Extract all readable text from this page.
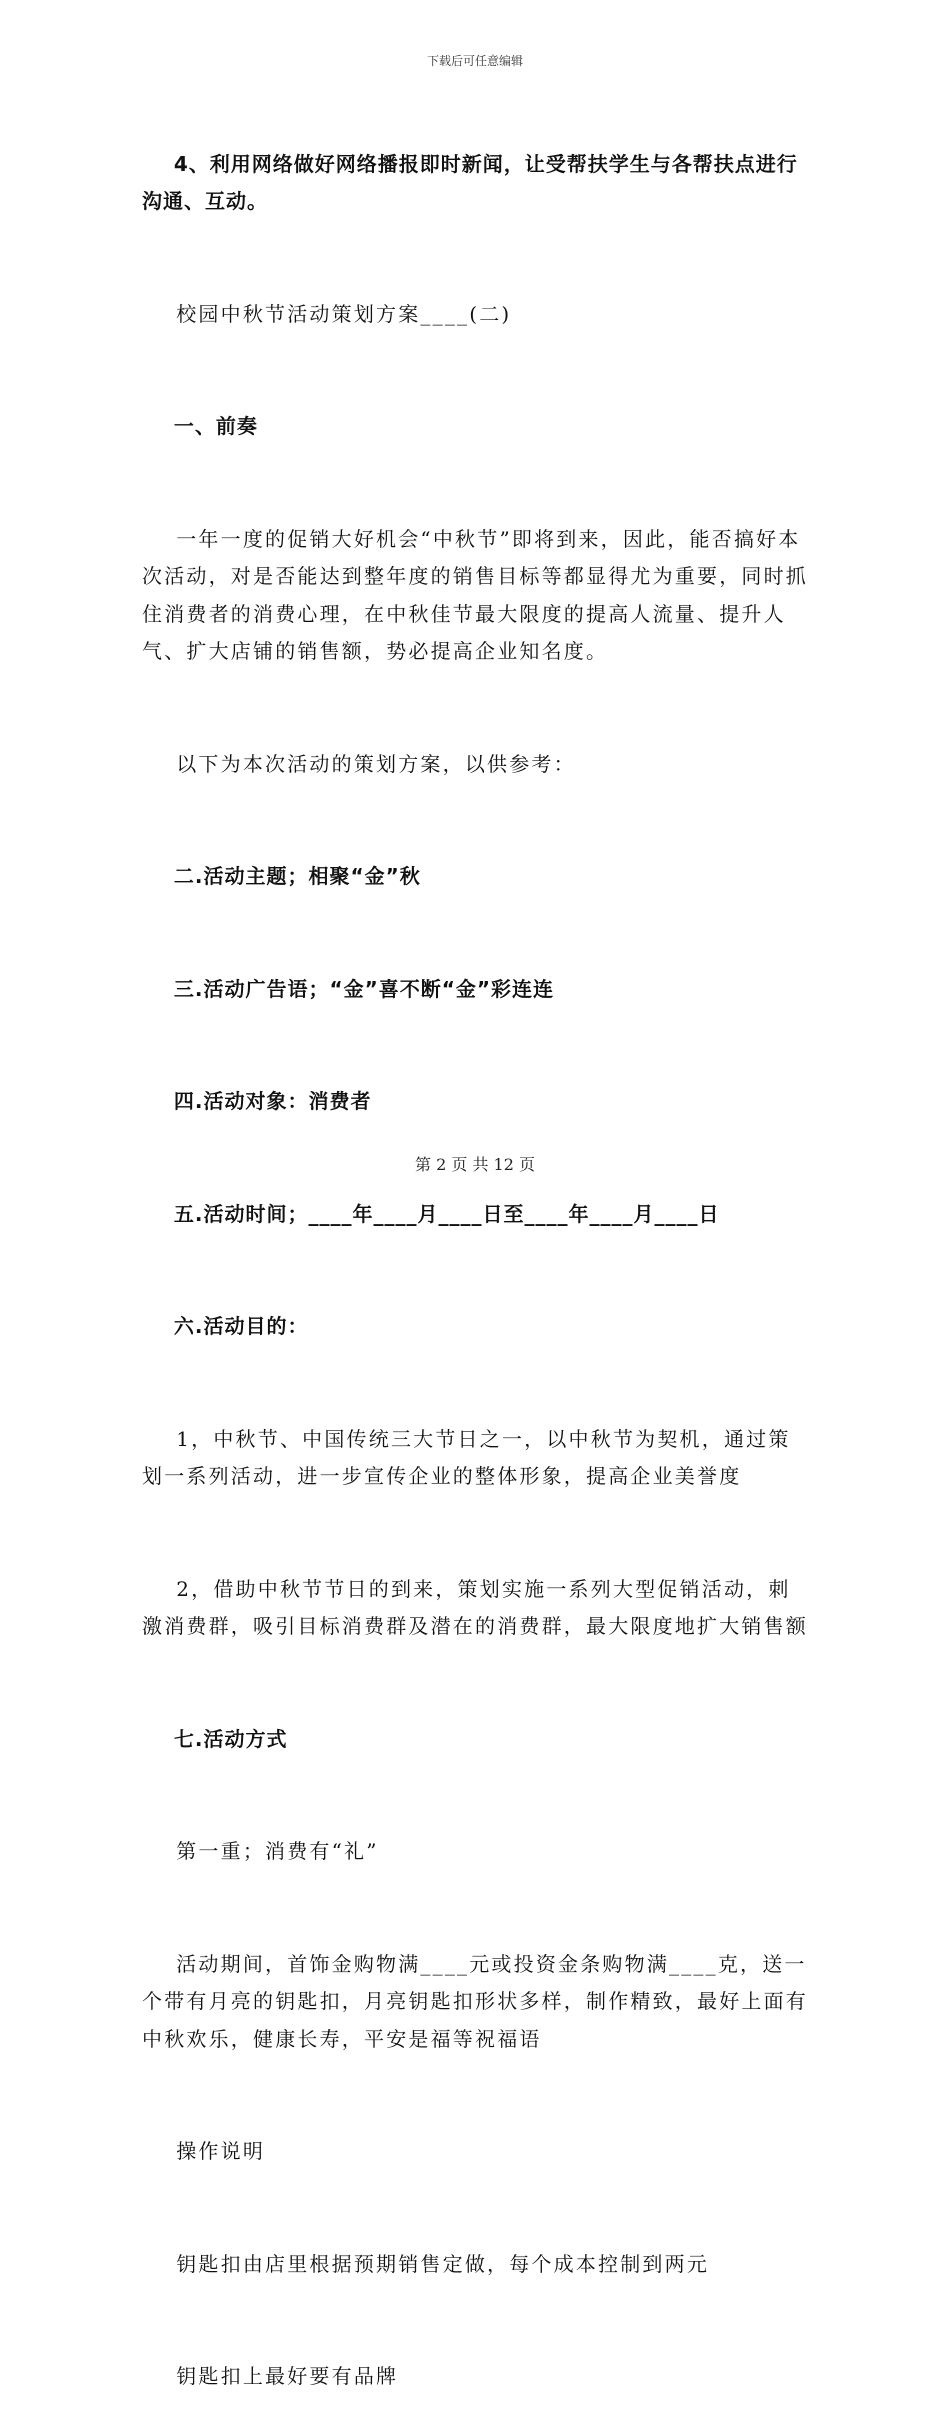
下载后可任意编辑

4、利用网络做好网络播报即时新闻，让受帮扶学生与各帮扶点进行沟通、互动。

校园中秋节活动策划方案____(二)

一、前奏

一年一度的促销大好机会“中秋节”即将到来，因此，能否搞好本次活动，对是否能达到整年度的销售目标等都显得尤为重要，同时抓住消费者的消费心理，在中秋佳节最大限度的提高人流量、提升人气、扩大店铺的销售额，势必提高企业知名度。

以下为本次活动的策划方案，以供参考：

二.活动主题；相聚“金”秋

三.活动广告语；“金”喜不断“金”彩连连

四.活动对象：消费者

五.活动时间；____年____月____日至____年____月____日

六.活动目的：

1，中秋节、中国传统三大节日之一，以中秋节为契机，通过策划一系列活动，进一步宣传企业的整体形象，提高企业美誉度

2，借助中秋节节日的到来，策划实施一系列大型促销活动，刺激消费群，吸引目标消费群及潜在的消费群，最大限度地扩大销售额

七.活动方式

第一重；消费有“礼”

活动期间，首饰金购物满____元或投资金条购物满____克，送一个带有月亮的钥匙扣，月亮钥匙扣形状多样，制作精致，最好上面有中秋欢乐，健康长寿，平安是福等祝福语

操作说明

钥匙扣由店里根据预期销售定做，每个成本控制到两元

钥匙扣上最好要有品牌

第 2 页 共 12 页
